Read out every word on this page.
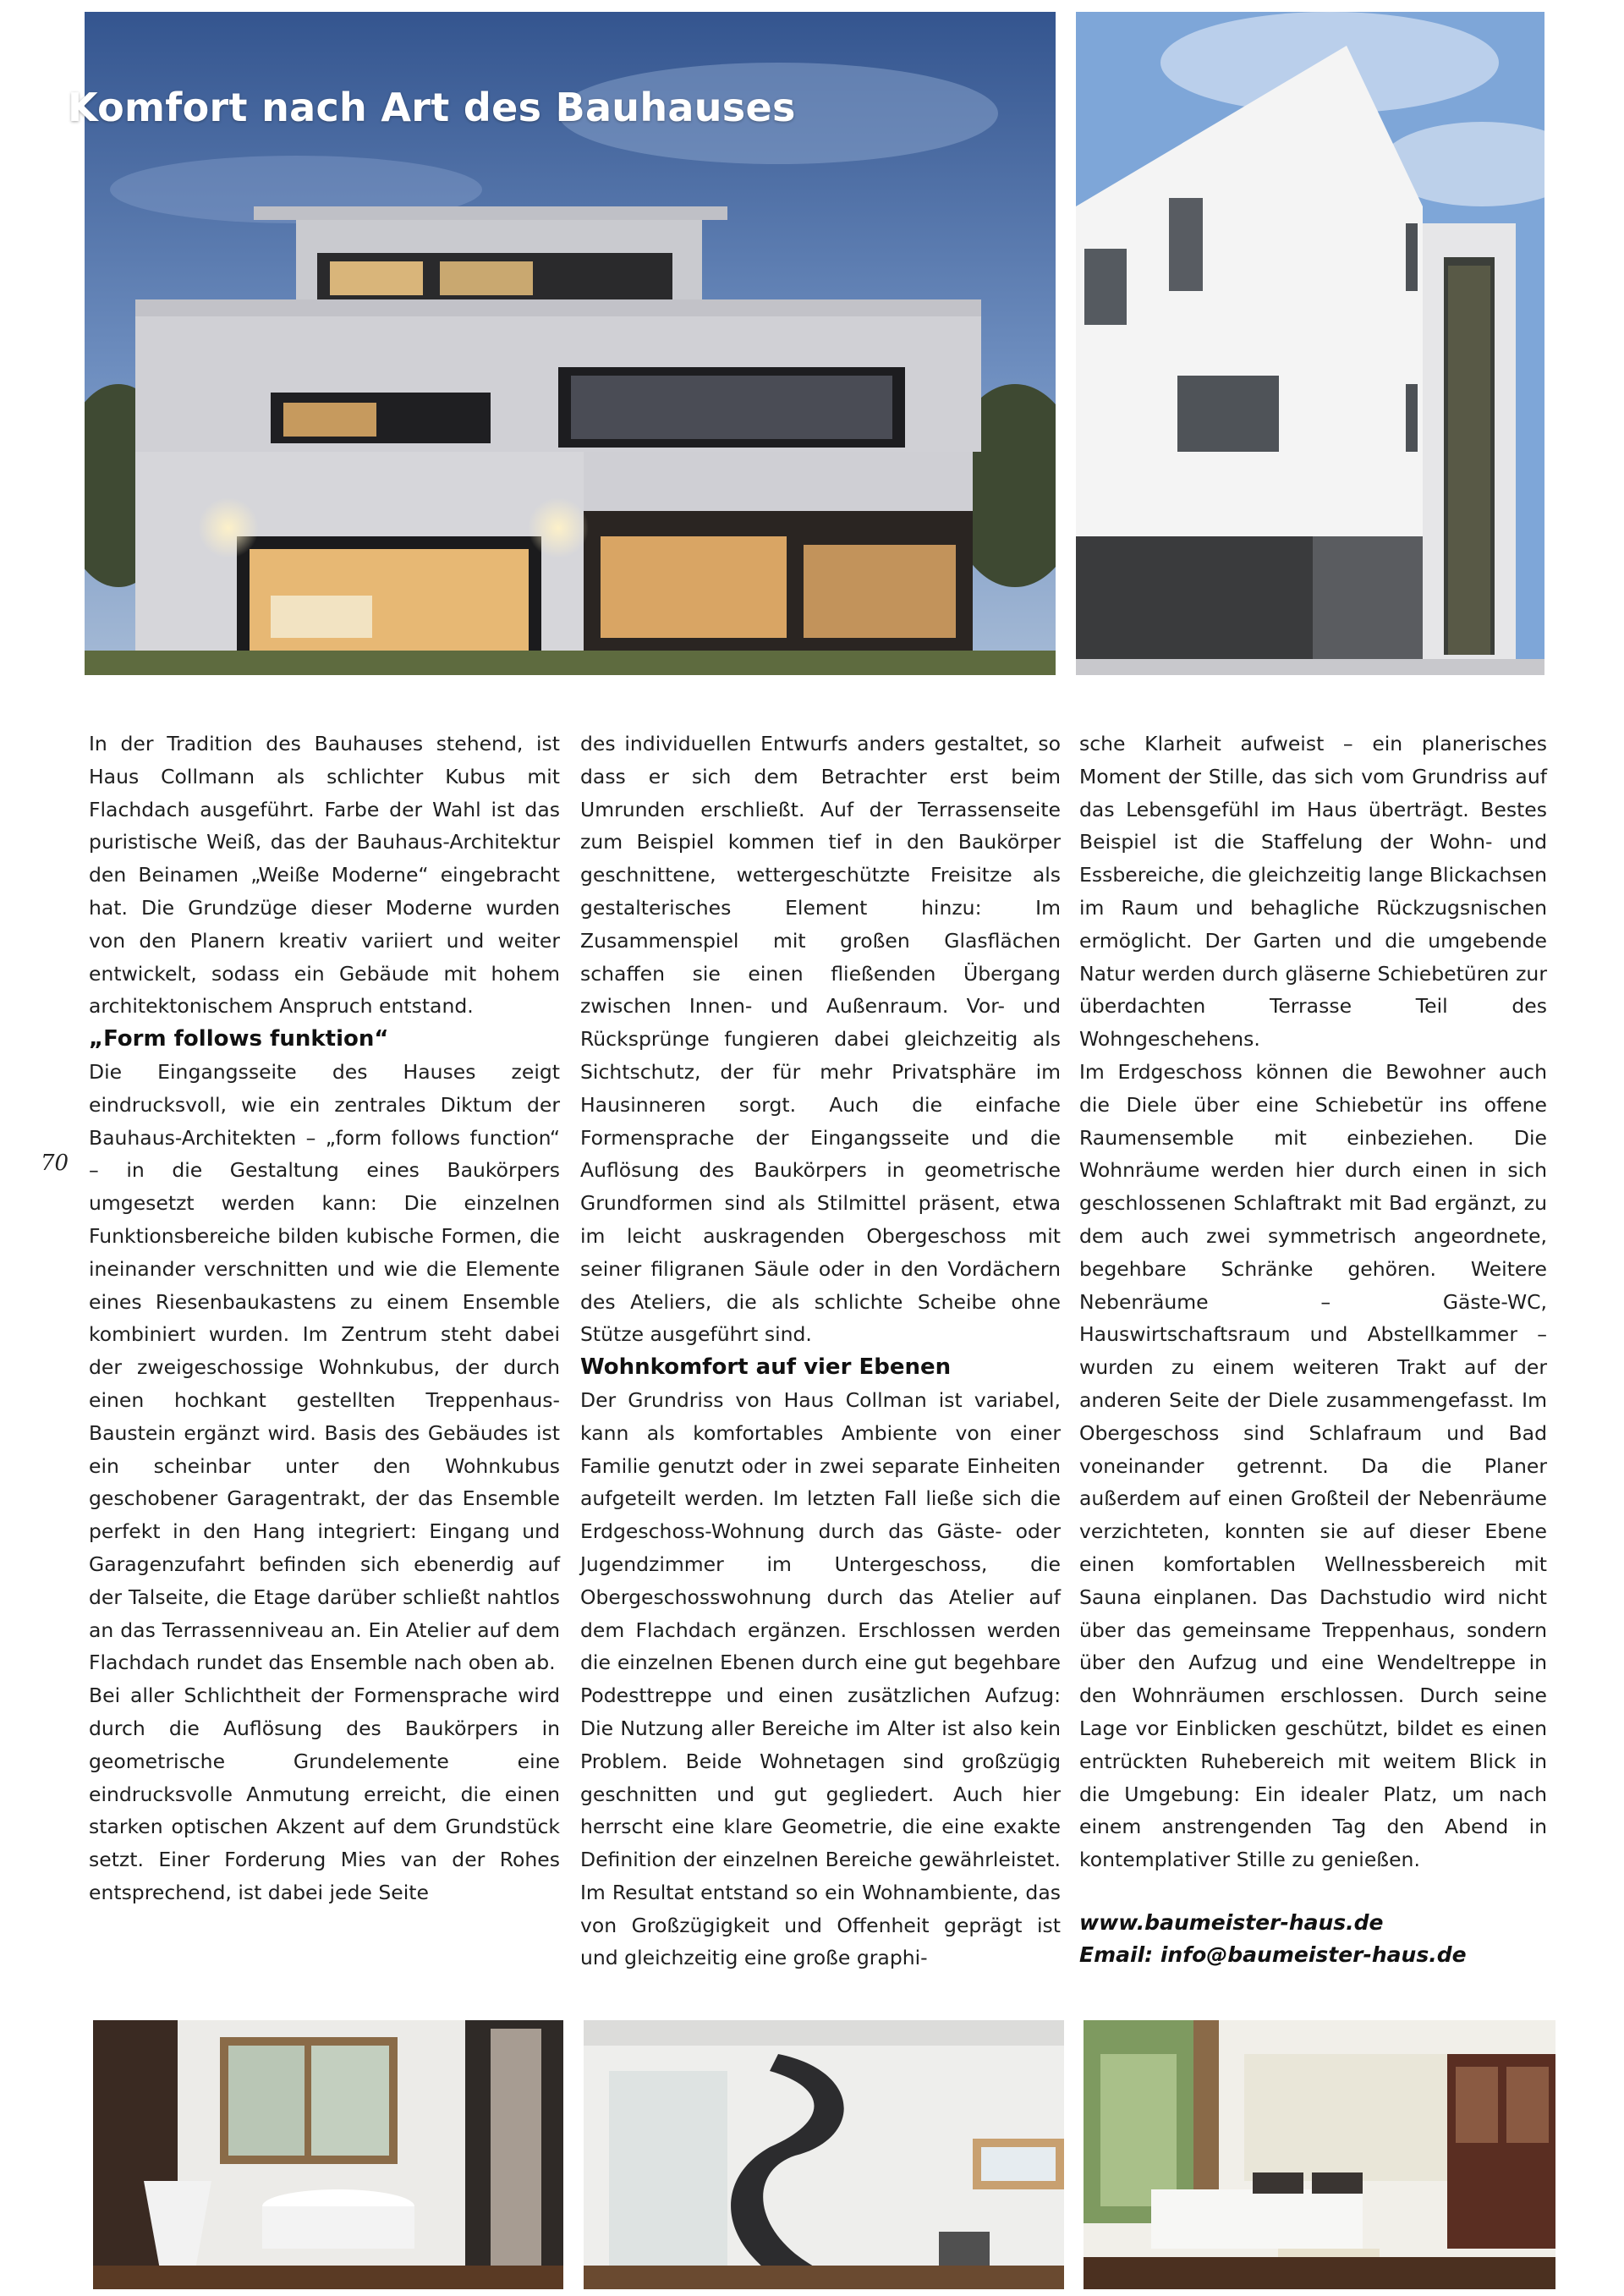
Komfort nach Art des Bauhauses
70

In der Tradition des Bauhauses stehend, ist Haus Collmann als schlichter Kubus mit Flachdach ausgeführt. Farbe der Wahl ist das puristische Weiß, das der Bauhaus-Architektur den Beinamen „Weiße Moderne“ eingebracht hat. Die Grundzüge dieser Moderne wurden von den Planern kreativ variiert und weiter entwickelt, sodass ein Gebäude mit hohem architektonischem Anspruch entstand.

„Form follows funktion“

Die Eingangsseite des Hauses zeigt eindrucksvoll, wie ein zentrales Diktum der Bauhaus-Architekten – „form follows function“ – in die Gestaltung eines Baukörpers umgesetzt werden kann: Die einzelnen Funktionsbereiche bilden kubische Formen, die ineinander verschnitten und wie die Elemente eines Riesenbaukastens zu einem Ensemble kombiniert wurden. Im Zentrum steht dabei der zweigeschossige Wohnkubus, der durch einen hochkant gestellten Treppenhaus-Baustein ergänzt wird. Basis des Gebäudes ist ein scheinbar unter den Wohnkubus geschobener Garagentrakt, der das Ensemble perfekt in den Hang integriert: Eingang und Garagenzufahrt befinden sich ebenerdig auf der Talseite, die Etage darüber schließt nahtlos an das Terrassenniveau an. Ein Atelier auf dem Flachdach rundet das Ensemble nach oben ab.

Bei aller Schlichtheit der Formensprache wird durch die Auflösung des Baukörpers in geometrische Grundelemente eine eindrucksvolle Anmutung erreicht, die einen starken optischen Akzent auf dem Grundstück setzt. Einer Forderung Mies van der Rohes entsprechend, ist dabei jede Seite

des individuellen Entwurfs anders gestaltet, so dass er sich dem Betrachter erst beim Umrunden erschließt. Auf der Terrassenseite zum Beispiel kommen tief in den Baukörper geschnittene, wettergeschützte Freisitze als gestalterisches Element hinzu: Im Zusammenspiel mit großen Glasflächen schaffen sie einen fließenden Übergang zwischen Innen- und Außenraum. Vor- und Rücksprünge fungieren dabei gleichzeitig als Sichtschutz, der für mehr Privatsphäre im Hausinneren sorgt. Auch die einfache Formensprache der Eingangsseite und die Auflösung des Baukörpers in geometrische Grundformen sind als Stilmittel präsent, etwa im leicht auskragenden Obergeschoss mit seiner filigranen Säule oder in den Vordächern des Ateliers, die als schlichte Scheibe ohne Stütze ausgeführt sind.

Wohnkomfort auf vier Ebenen

Der Grundriss von Haus Collman ist variabel, kann als komfortables Ambiente von einer Familie genutzt oder in zwei separate Einheiten aufgeteilt werden. Im letzten Fall ließe sich die Erdgeschoss-Wohnung durch das Gäste- oder Jugendzimmer im Untergeschoss, die Obergeschosswohnung durch das Atelier auf dem Flachdach ergänzen. Erschlossen werden die einzelnen Ebenen durch eine gut begehbare Podesttreppe und einen zusätzlichen Aufzug: Die Nutzung aller Bereiche im Alter ist also kein Problem. Beide Wohnetagen sind großzügig geschnitten und gut gegliedert. Auch hier herrscht eine klare Geometrie, die eine exakte Definition der einzelnen Bereiche gewährleistet. Im Resultat entstand so ein Wohnambiente, das von Großzügigkeit und Offenheit geprägt ist und gleichzeitig eine große graphi-

sche Klarheit aufweist – ein planerisches Moment der Stille, das sich vom Grundriss auf das Lebensgefühl im Haus überträgt. Bestes Beispiel ist die Staffelung der Wohn- und Essbereiche, die gleichzeitig lange Blickachsen im Raum und behagliche Rückzugsnischen ermöglicht. Der Garten und die umgebende Natur werden durch gläserne Schiebetüren zur überdachten Terrasse Teil des Wohngeschehens.

Im Erdgeschoss können die Bewohner auch die Diele über eine Schiebetür ins offene Raumensemble mit einbeziehen. Die Wohnräume werden hier durch einen in sich geschlossenen Schlaftrakt mit Bad ergänzt, zu dem auch zwei symmetrisch angeordnete, begehbare Schränke gehören. Weitere Nebenräume – Gäste-WC, Hauswirtschaftsraum und Abstellkammer – wurden zu einem weiteren Trakt auf der anderen Seite der Diele zusammengefasst. Im Obergeschoss sind Schlafraum und Bad voneinander getrennt. Da die Planer außerdem auf einen Großteil der Nebenräume verzichteten, konnten sie auf dieser Ebene einen komfortablen Wellnessbereich mit Sauna einplanen. Das Dachstudio wird nicht über das gemeinsame Treppenhaus, sondern über den Aufzug und eine Wendeltreppe in den Wohnräumen erschlossen. Durch seine Lage vor Einblicken geschützt, bildet es einen entrückten Ruhebereich mit weitem Blick in die Umgebung: Ein idealer Platz, um nach einem anstrengenden Tag den Abend in kontemplativer Stille zu genießen.

www.baumeister-haus.de
Email: info@baumeister-haus.de
